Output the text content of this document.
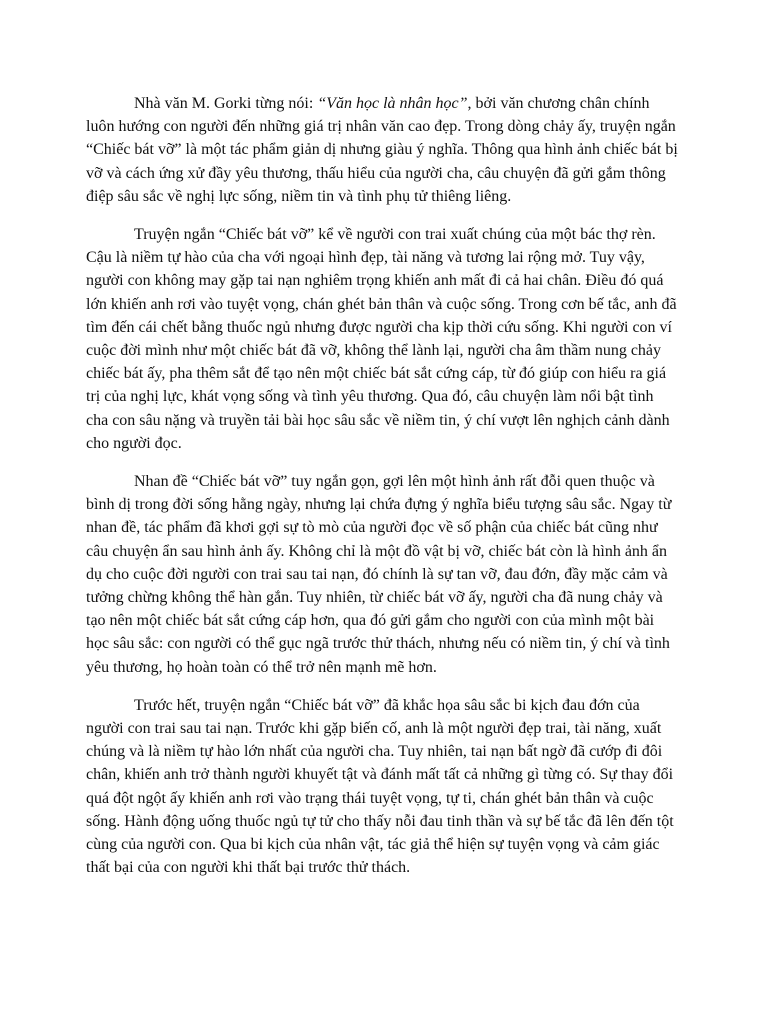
Nhà văn M. Gorki từng nói: “Văn học là nhân học”, bởi văn chương chân chính luôn hướng con người đến những giá trị nhân văn cao đẹp. Trong dòng chảy ấy, truyện ngắn “Chiếc bát vỡ” là một tác phẩm giản dị nhưng giàu ý nghĩa. Thông qua hình ảnh chiếc bát bị vỡ và cách ứng xử đầy yêu thương, thấu hiểu của người cha, câu chuyện đã gửi gắm thông điệp sâu sắc về nghị lực sống, niềm tin và tình phụ tử thiêng liêng.

Truyện ngắn “Chiếc bát vỡ” kể về người con trai xuất chúng của một bác thợ rèn. Cậu là niềm tự hào của cha với ngoại hình đẹp, tài năng và tương lai rộng mở. Tuy vậy, người con không may gặp tai nạn nghiêm trọng khiến anh mất đi cả hai chân. Điều đó quá lớn khiến anh rơi vào tuyệt vọng, chán ghét bản thân và cuộc sống. Trong cơn bế tắc, anh đã tìm đến cái chết bằng thuốc ngủ nhưng được người cha kịp thời cứu sống. Khi người con ví cuộc đời mình như một chiếc bát đã vỡ, không thể lành lại, người cha âm thầm nung chảy chiếc bát ấy, pha thêm sắt để tạo nên một chiếc bát sắt cứng cáp, từ đó giúp con hiểu ra giá trị của nghị lực, khát vọng sống và tình yêu thương. Qua đó, câu chuyện làm nổi bật tình cha con sâu nặng và truyền tải bài học sâu sắc về niềm tin, ý chí vượt lên nghịch cảnh dành cho người đọc.

Nhan đề “Chiếc bát vỡ” tuy ngắn gọn, gợi lên một hình ảnh rất đỗi quen thuộc và bình dị trong đời sống hằng ngày, nhưng lại chứa đựng ý nghĩa biểu tượng sâu sắc. Ngay từ nhan đề, tác phẩm đã khơi gợi sự tò mò của người đọc về số phận của chiếc bát cũng như câu chuyện ẩn sau hình ảnh ấy. Không chỉ là một đồ vật bị vỡ, chiếc bát còn là hình ảnh ẩn dụ cho cuộc đời người con trai sau tai nạn, đó chính là sự tan vỡ, đau đớn, đầy mặc cảm và tưởng chừng không thể hàn gắn. Tuy nhiên, từ chiếc bát vỡ ấy, người cha đã nung chảy và tạo nên một chiếc bát sắt cứng cáp hơn, qua đó gửi gắm cho người con của mình một bài học sâu sắc: con người có thể gục ngã trước thử thách, nhưng nếu có niềm tin, ý chí và tình yêu thương, họ hoàn toàn có thể trở nên mạnh mẽ hơn.

Trước hết, truyện ngắn “Chiếc bát vỡ” đã khắc họa sâu sắc bi kịch đau đớn của người con trai sau tai nạn. Trước khi gặp biến cố, anh là một người đẹp trai, tài năng, xuất chúng và là niềm tự hào lớn nhất của người cha. Tuy nhiên, tai nạn bất ngờ đã cướp đi đôi chân, khiến anh trở thành người khuyết tật và đánh mất tất cả những gì từng có. Sự thay đổi quá đột ngột ấy khiến anh rơi vào trạng thái tuyệt vọng, tự ti, chán ghét bản thân và cuộc sống. Hành động uống thuốc ngủ tự tử cho thấy nỗi đau tinh thần và sự bế tắc đã lên đến tột cùng của người con. Qua bi kịch của nhân vật, tác giả thể hiện sự tuyện vọng và cảm giác thất bại của con người khi thất bại trước thử thách.
